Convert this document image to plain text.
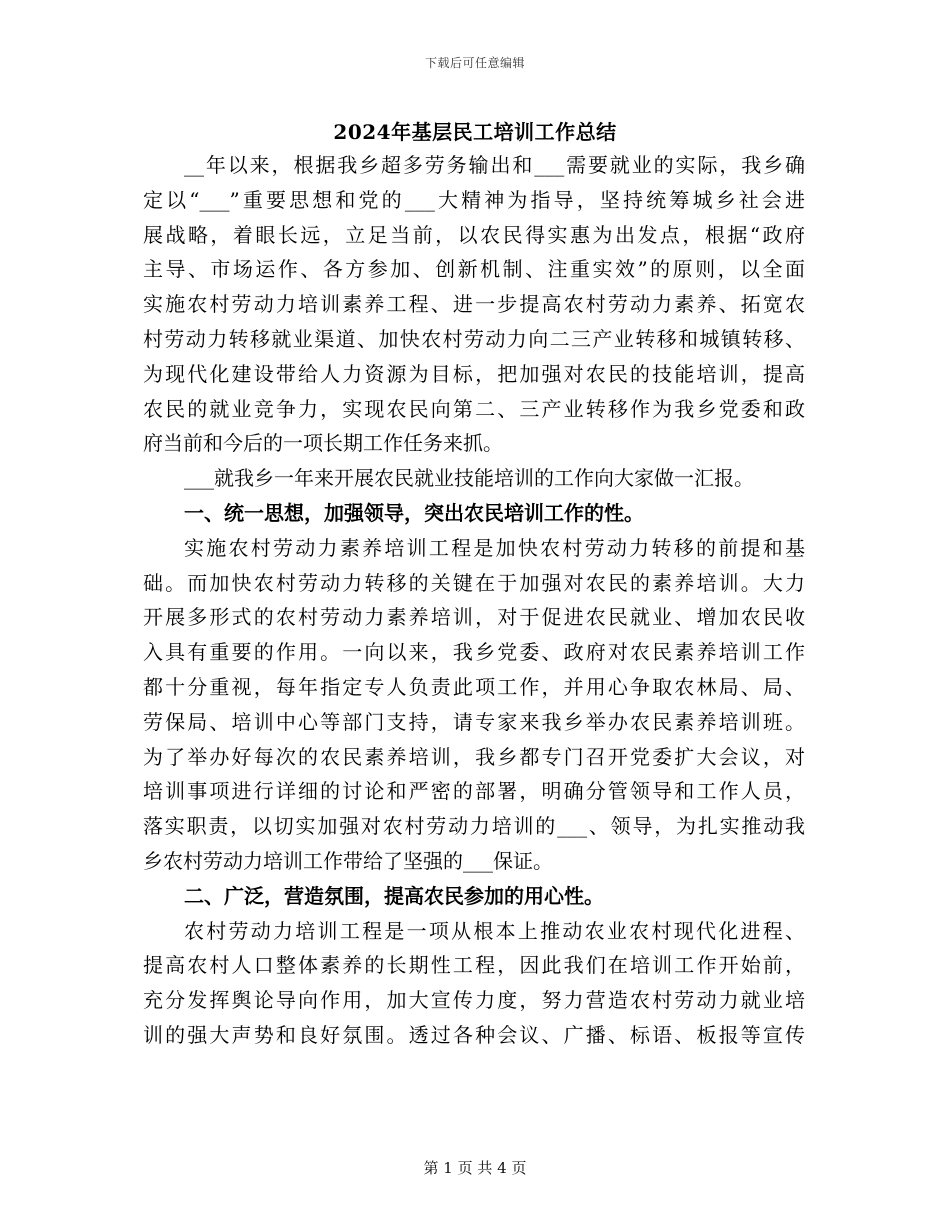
下载后可任意编辑
2024年基层民工培训工作总结
__年以来，根据我乡超多劳务输出和___需要就业的实际，我乡确
定以“___”重要思想和党的___大精神为指导，坚持统筹城乡社会进
展战略，着眼长远，立足当前，以农民得实惠为出发点，根据“政府
主导、市场运作、各方参加、创新机制、注重实效”的原则，以全面
实施农村劳动力培训素养工程、进一步提高农村劳动力素养、拓宽农
村劳动力转移就业渠道、加快农村劳动力向二三产业转移和城镇转移、
为现代化建设带给人力资源为目标，把加强对农民的技能培训，提高
农民的就业竞争力，实现农民向第二、三产业转移作为我乡党委和政
府当前和今后的一项长期工作任务来抓。
___就我乡一年来开展农民就业技能培训的工作向大家做一汇报。
一、统一思想，加强领导，突出农民培训工作的性。
实施农村劳动力素养培训工程是加快农村劳动力转移的前提和基
础。而加快农村劳动力转移的关键在于加强对农民的素养培训。大力
开展多形式的农村劳动力素养培训，对于促进农民就业、增加农民收
入具有重要的作用。一向以来，我乡党委、政府对农民素养培训工作
都十分重视，每年指定专人负责此项工作，并用心争取农林局、局、
劳保局、培训中心等部门支持，请专家来我乡举办农民素养培训班。
为了举办好每次的农民素养培训，我乡都专门召开党委扩大会议，对
培训事项进行详细的讨论和严密的部署，明确分管领导和工作人员，
落实职责，以切实加强对农村劳动力培训的___、领导，为扎实推动我
乡农村劳动力培训工作带给了坚强的___保证。
二、广泛，营造氛围，提高农民参加的用心性。
农村劳动力培训工程是一项从根本上推动农业农村现代化进程、
提高农村人口整体素养的长期性工程，因此我们在培训工作开始前，
充分发挥舆论导向作用，加大宣传力度，努力营造农村劳动力就业培
训的强大声势和良好氛围。透过各种会议、广播、标语、板报等宣传
第 1 页 共 4 页
